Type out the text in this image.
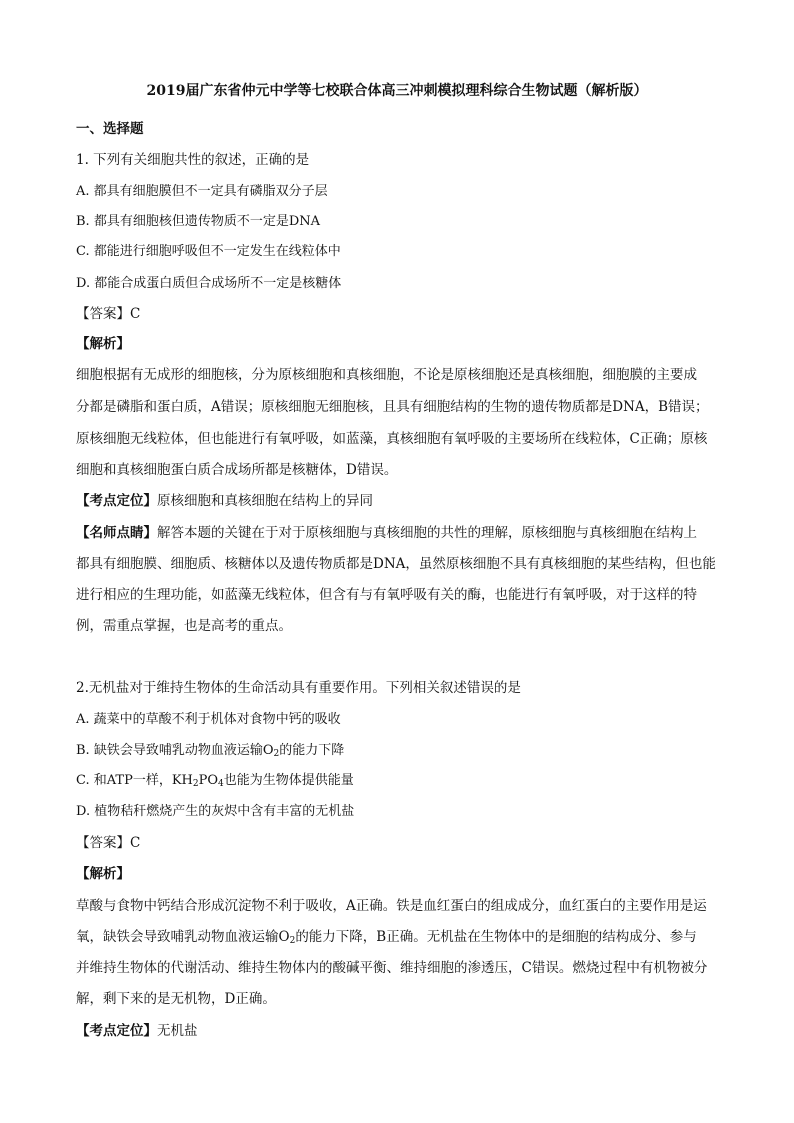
2019届广东省仲元中学等七校联合体高三冲刺模拟理科综合生物试题（解析版）
一、选择题
1. 下列有关细胞共性的叙述，正确的是
A. 都具有细胞膜但不一定具有磷脂双分子层
B. 都具有细胞核但遗传物质不一定是DNA
C. 都能进行细胞呼吸但不一定发生在线粒体中
D. 都能合成蛋白质但合成场所不一定是核糖体
【答案】C
【解析】
细胞根据有无成形的细胞核，分为原核细胞和真核细胞，不论是原核细胞还是真核细胞，细胞膜的主要成
分都是磷脂和蛋白质，A错误；原核细胞无细胞核，且具有细胞结构的生物的遗传物质都是DNA，B错误；
原核细胞无线粒体，但也能进行有氧呼吸，如蓝藻，真核细胞有氧呼吸的主要场所在线粒体，C正确；原核
细胞和真核细胞蛋白质合成场所都是核糖体，D错误。
【考点定位】原核细胞和真核细胞在结构上的异同
【名师点睛】解答本题的关键在于对于原核细胞与真核细胞的共性的理解，原核细胞与真核细胞在结构上
都具有细胞膜、细胞质、核糖体以及遗传物质都是DNA，虽然原核细胞不具有真核细胞的某些结构，但也能
进行相应的生理功能，如蓝藻无线粒体，但含有与有氧呼吸有关的酶，也能进行有氧呼吸，对于这样的特
例，需重点掌握，也是高考的重点。
2.无机盐对于维持生物体的生命活动具有重要作用。下列相关叙述错误的是
A. 蔬菜中的草酸不利于机体对食物中钙的吸收
B. 缺铁会导致哺乳动物血液运输$O_2$的能力下降
C. 和ATP一样，$KH_2PO_4$也能为生物体提供能量
D. 植物秸秆燃烧产生的灰烬中含有丰富的无机盐
【答案】C
【解析】
草酸与食物中钙结合形成沉淀物不利于吸收，A正确。铁是血红蛋白的组成成分，血红蛋白的主要作用是运
氧，缺铁会导致哺乳动物血液运输$O_2$的能力下降，B正确。无机盐在生物体中的是细胞的结构成分、参与
并维持生物体的代谢活动、维持生物体内的酸碱平衡、维持细胞的渗透压，C错误。燃烧过程中有机物被分
解，剩下来的是无机物，D正确。
【考点定位】无机盐
